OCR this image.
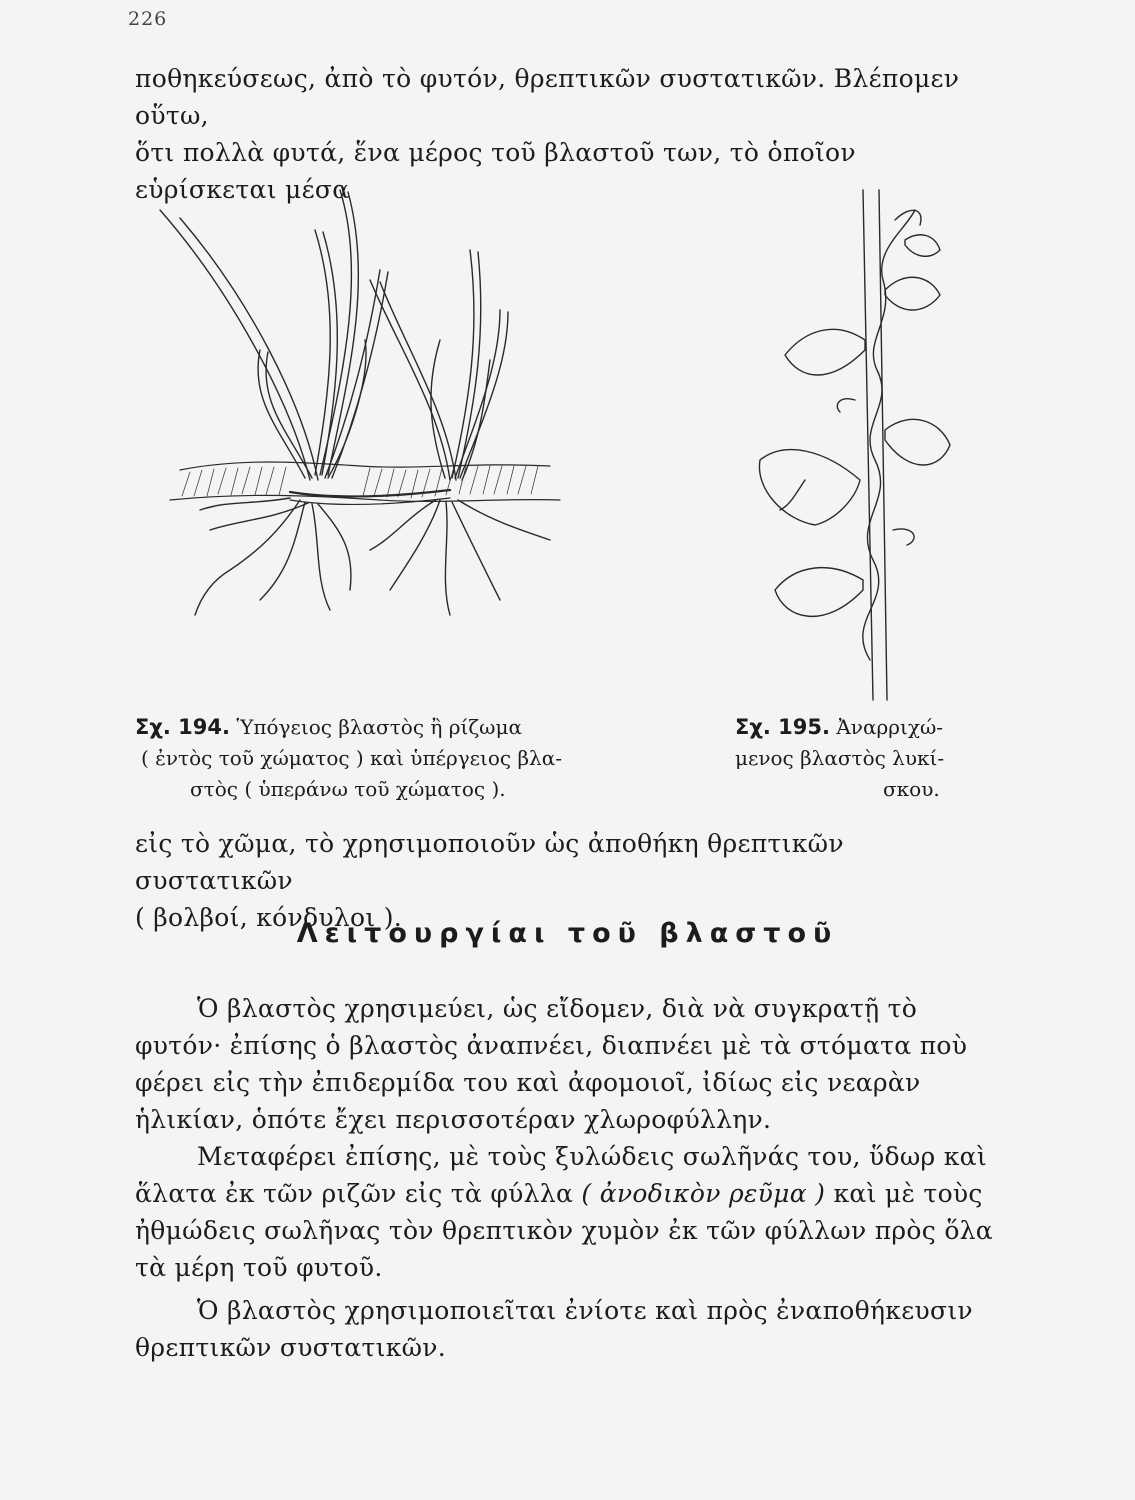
226

ποθηκεύσεως, ἀπὸ τὸ φυτόν, θρεπτικῶν συστατικῶν. Βλέπομεν οὕτω,

ὅτι πολλὰ φυτά, ἕνα μέρος τοῦ βλαστοῦ των, τὸ ὁποῖον εὑρίσκεται μέσα

Σχ. 194. Ὑπόγειος βλαστὸς ἢ ρίζωμα
( ἐντὸς τοῦ χώματος ) καὶ ὑπέργειος βλα-
στὸς ( ὑπεράνω τοῦ χώματος ).
Σχ. 195. Ἀναρριχώ-
μενος βλαστὸς λυκί-
σκου.

εἰς τὸ χῶμα, τὸ χρησιμοποιοῦν ὡς ἀποθήκη θρεπτικῶν συστατικῶν

( βολβοί, κόνδυλοι ).

Λειτουργίαι τοῦ βλαστοῦ

Ὁ βλαστὸς χρησιμεύει, ὡς εἴδομεν, διὰ νὰ συγκρατῇ τὸ φυτόν· ἐπίσης ὁ βλαστὸς ἀναπνέει, διαπνέει μὲ τὰ στόματα ποὺ φέρει εἰς τὴν ἐπιδερμίδα του καὶ ἀφομοιοῖ, ἰδίως εἰς νεαρὰν ἡλικίαν, ὁπότε ἔχει περισσοτέραν χλωροφύλλην.

Μεταφέρει ἐπίσης, μὲ τοὺς ξυλώδεις σωλῆνάς του, ὕδωρ καὶ ἅλατα ἐκ τῶν ριζῶν εἰς τὰ φύλλα ( ἀνοδικὸν ρεῦμα ) καὶ μὲ τοὺς ἠθμώδεις σωλῆνας τὸν θρεπτικὸν χυμὸν ἐκ τῶν φύλλων πρὸς ὅλα τὰ μέρη τοῦ φυτοῦ.

Ὁ βλαστὸς χρησιμοποιεῖται ἐνίοτε καὶ πρὸς ἐναποθήκευσιν θρεπτικῶν συστατικῶν.
